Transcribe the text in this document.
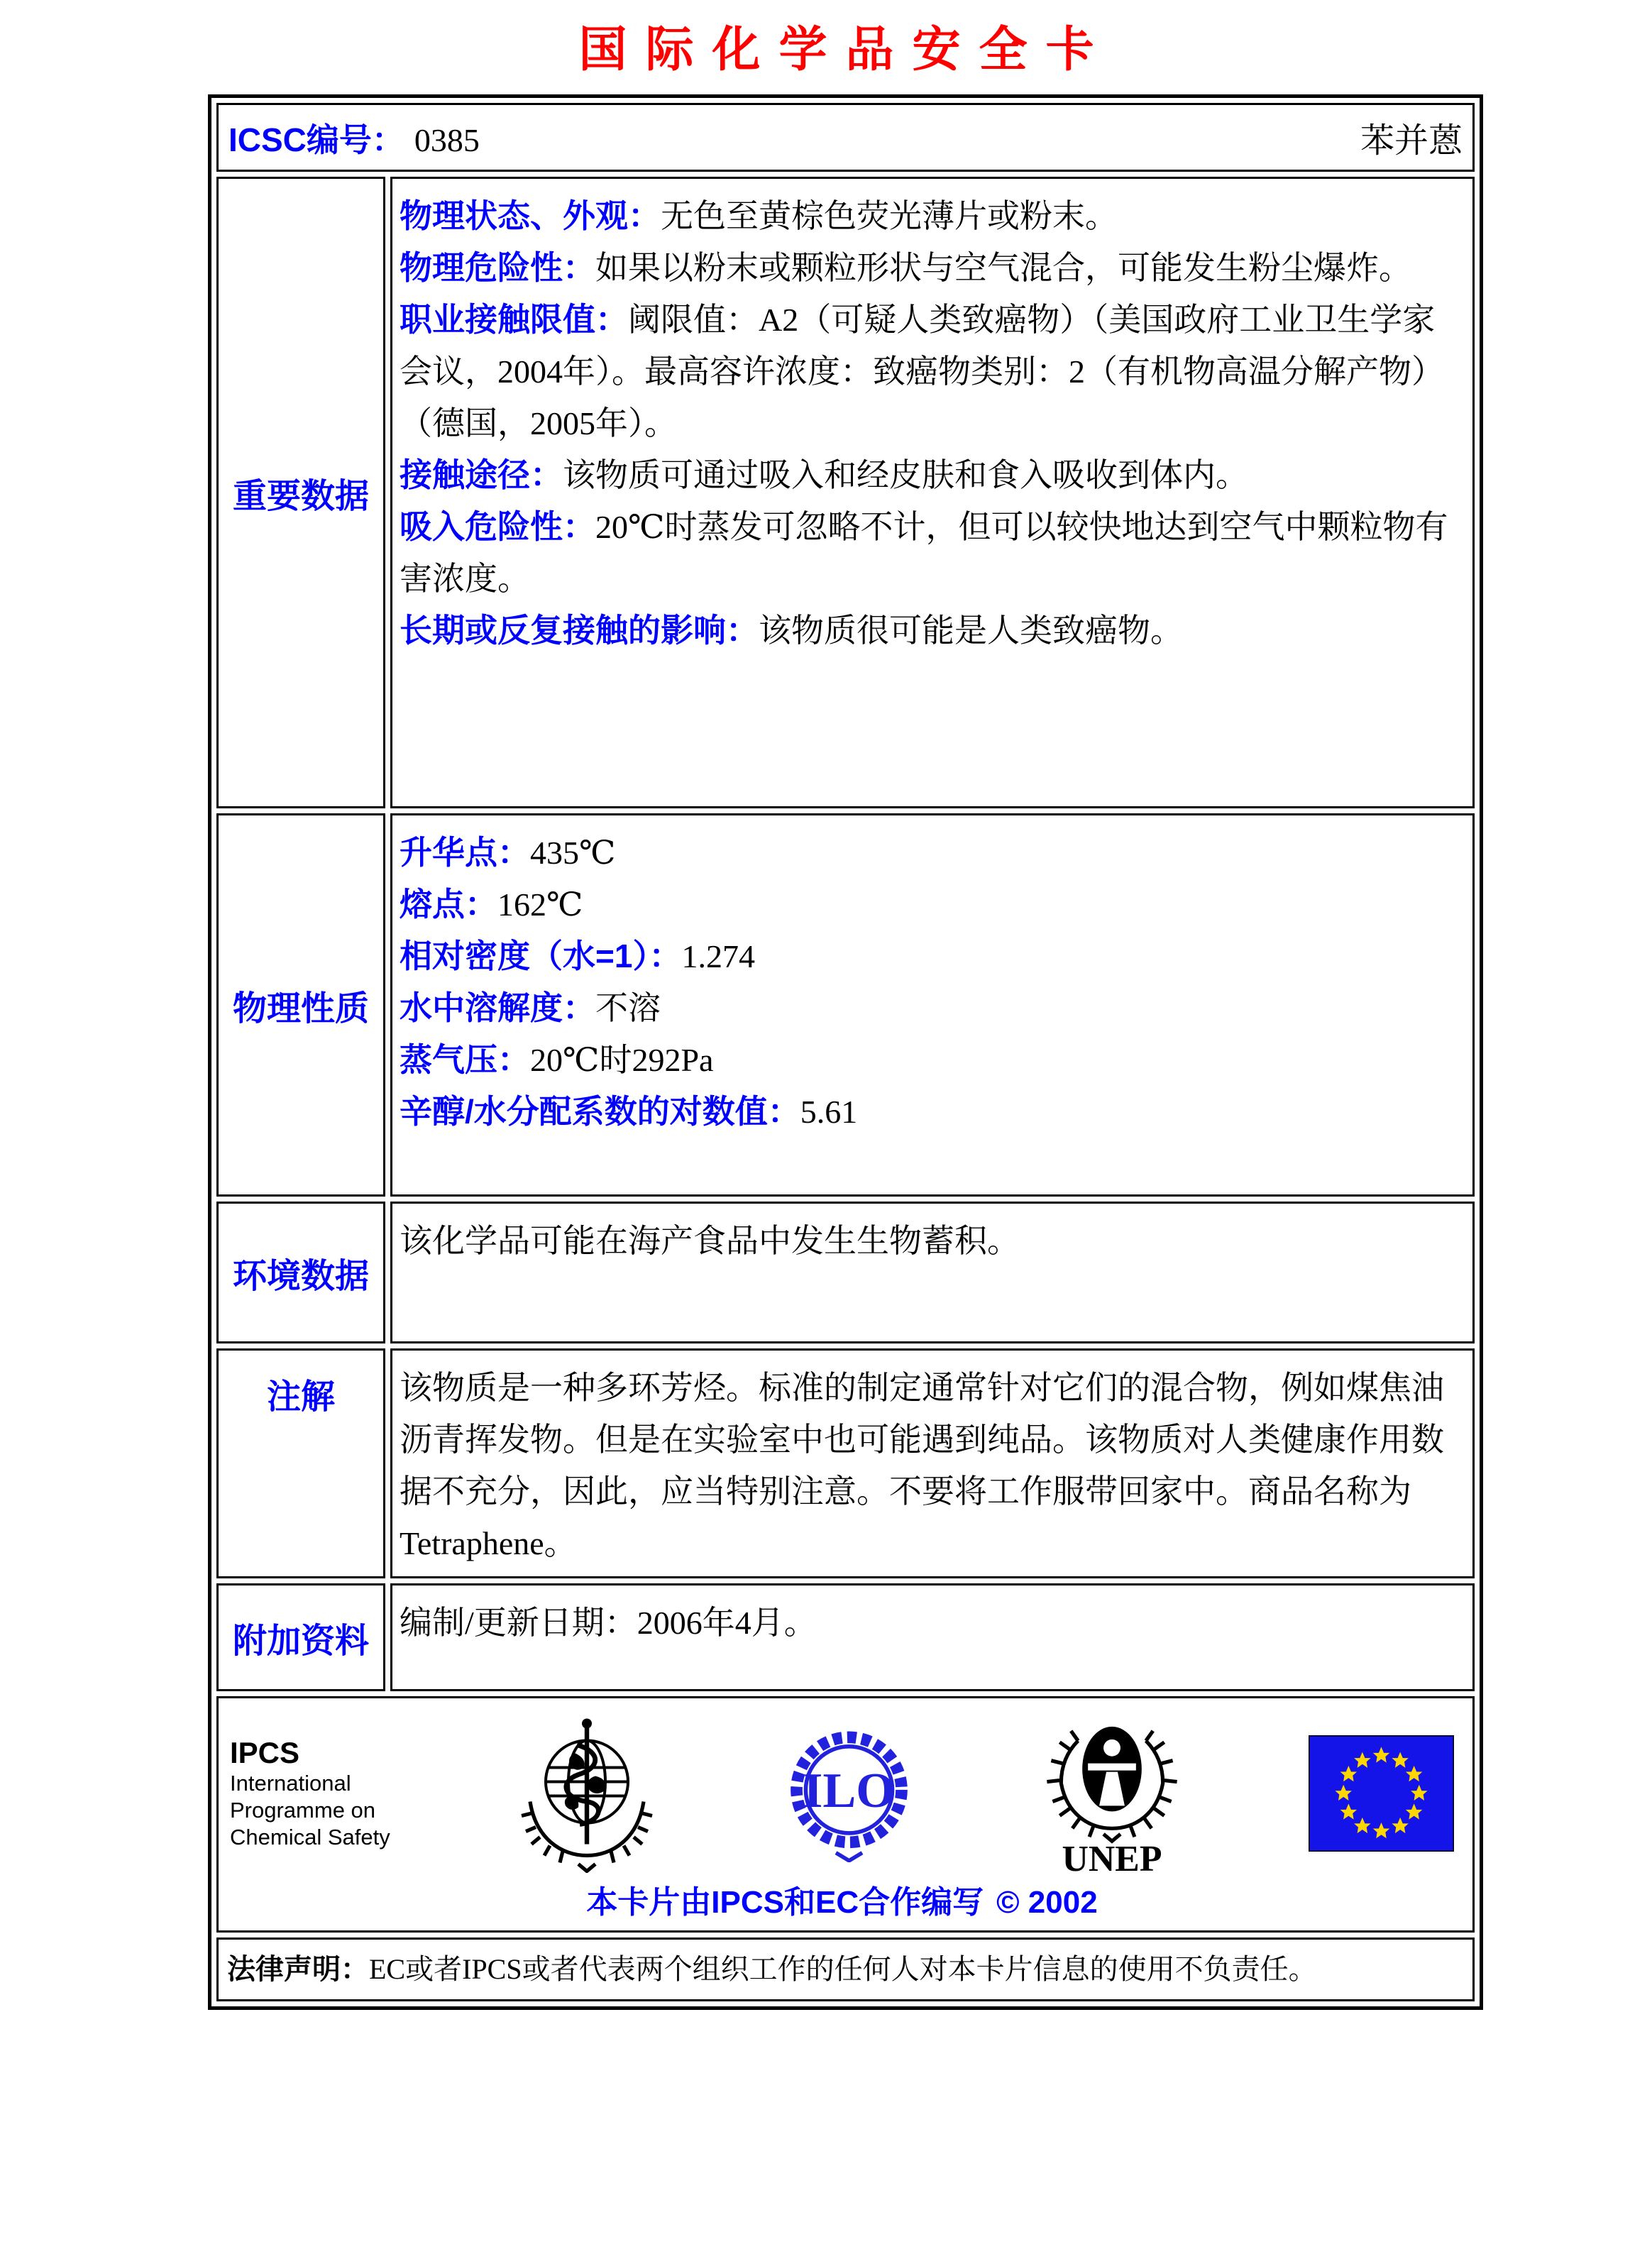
国际化学品安全卡
ICSC编号： 0385	苯并蒽
重要数据

物理状态、外观：无色至黄棕色荧光薄片或粉末。

物理危险性：如果以粉末或颗粒形状与空气混合，可能发生粉尘爆炸。

职业接触限值：阈限值：A2（可疑人类致癌物）（美国政府工业卫生学家会议，2004年）。最高容许浓度：致癌物类别：2（有机物高温分解产物）（德国，2005年）。

接触途径：该物质可通过吸入和经皮肤和食入吸收到体内。

吸入危险性：20℃时蒸发可忽略不计，但可以较快地达到空气中颗粒物有害浓度。

长期或反复接触的影响：该物质很可能是人类致癌物。

物理性质

升华点：435℃

熔点：162℃

相对密度（水=1）：1.274

水中溶解度：不溶

蒸气压：20℃时292Pa

辛醇/水分配系数的对数值：5.61

环境数据

该化学品可能在海产食品中发生生物蓄积。

注解	该物质是一种多环芳烃。标准的制定通常针对它们的混合物，例如煤焦油沥青挥发物。但是在实验室中也可能遇到纯品。该物质对人类健康作用数据不充分，因此，应当特别注意。不要将工作服带回家中。商品名称为Tetraphene。

附加资料 编制/更新日期：2006年4月。

IPCS
International
Programme on
Chemical Safety
ILO
UNEP
本卡片由IPCS和EC合作编写 © 2002
法律声明： EC或者IPCS或者代表两个组织工作的任何人对本卡片信息的使用不负责任。
